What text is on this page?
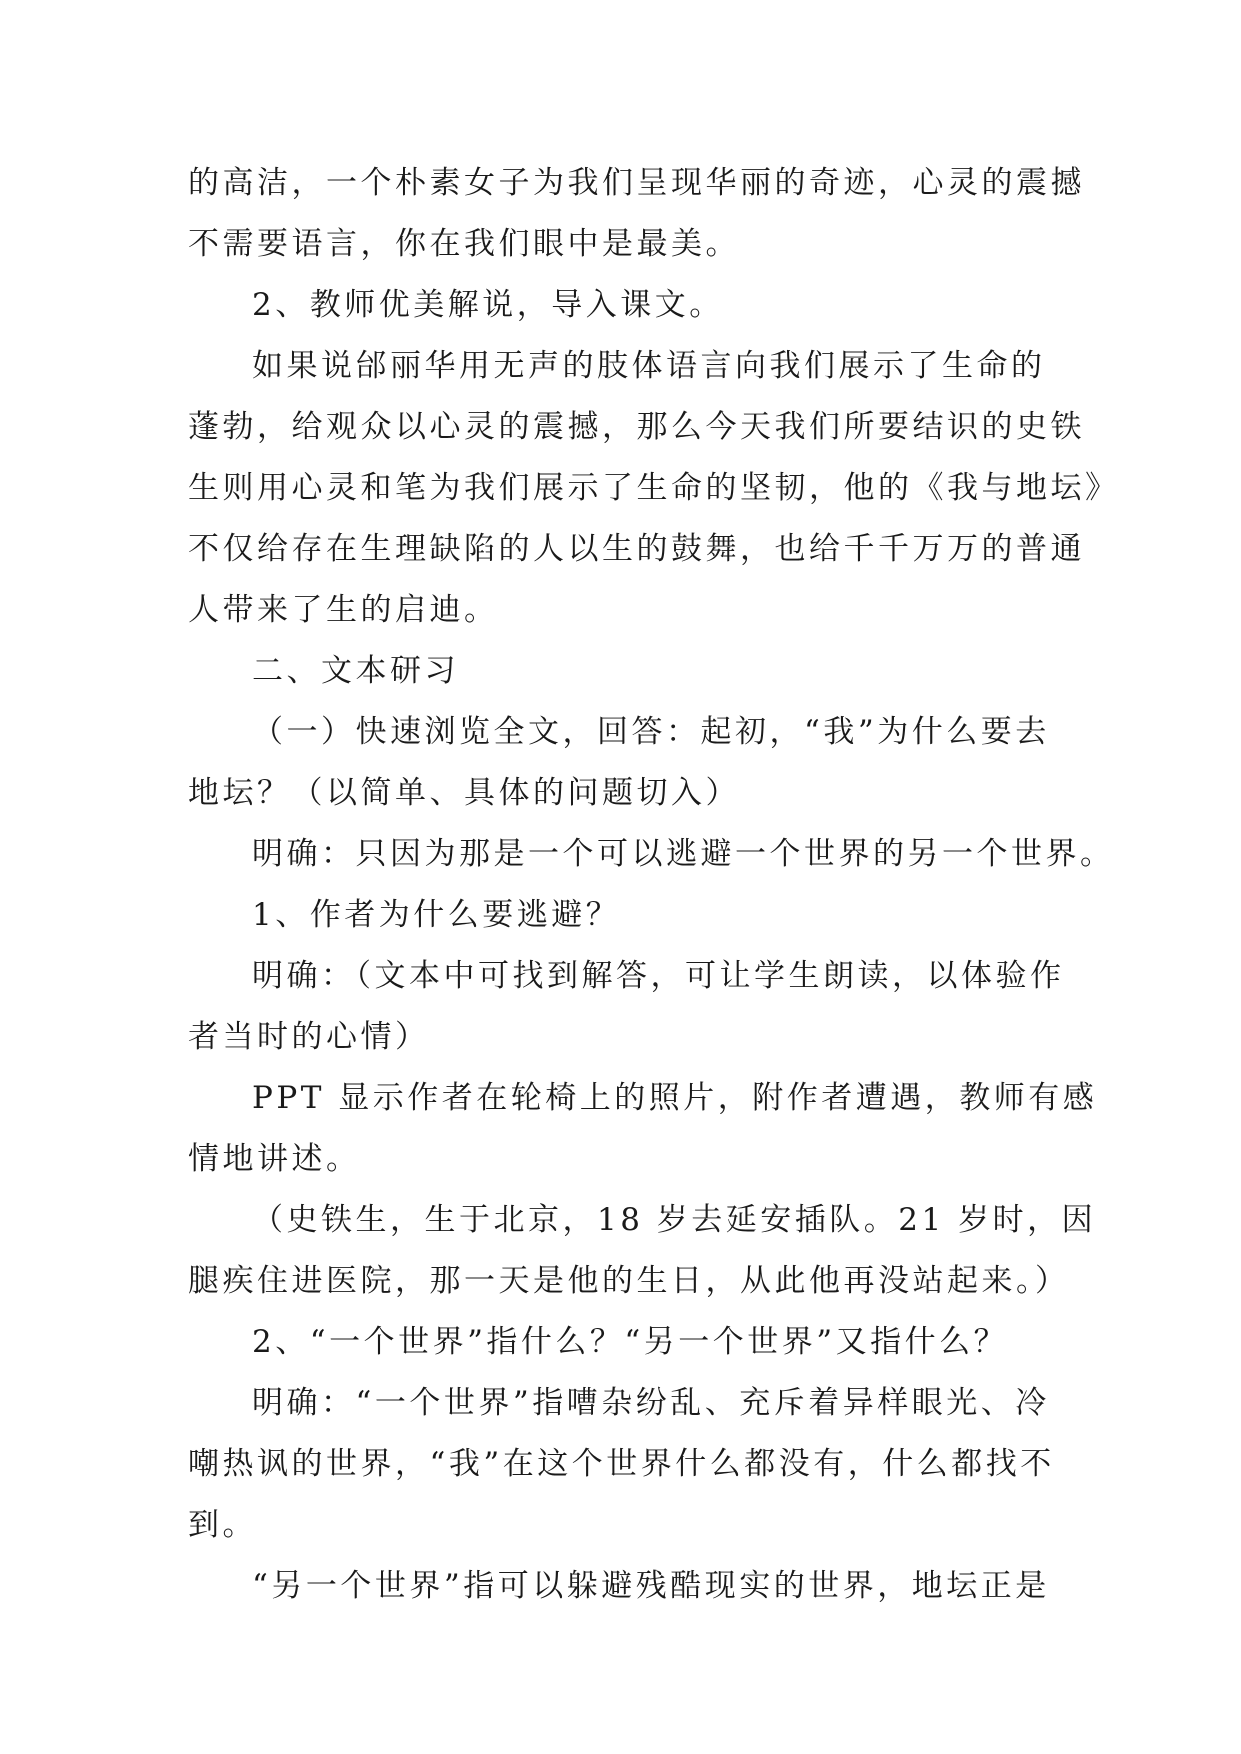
的高洁，一个朴素女子为我们呈现华丽的奇迹，心灵的震撼
不需要语言，你在我们眼中是最美。
2、教师优美解说，导入课文。
如果说邰丽华用无声的肢体语言向我们展示了生命的
蓬勃，给观众以心灵的震撼，那么今天我们所要结识的史铁
生则用心灵和笔为我们展示了生命的坚韧，他的《我与地坛》
不仅给存在生理缺陷的人以生的鼓舞，也给千千万万的普通
人带来了生的启迪。
二、文本研习
（一）快速浏览全文，回答：起初，“我”为什么要去
地坛？（以简单、具体的问题切入）
明确：只因为那是一个可以逃避一个世界的另一个世界。
1、作者为什么要逃避？
明确：（文本中可找到解答，可让学生朗读，以体验作
者当时的心情）
PPT 显示作者在轮椅上的照片，附作者遭遇，教师有感
情地讲述。
（史铁生，生于北京，18 岁去延安插队。21 岁时，因
腿疾住进医院，那一天是他的生日，从此他再没站起来。）
2、“一个世界”指什么？“另一个世界”又指什么？
明确：“一个世界”指嘈杂纷乱、充斥着异样眼光、冷
嘲热讽的世界，“我”在这个世界什么都没有，什么都找不
到。
“另一个世界”指可以躲避残酷现实的世界，地坛正是
